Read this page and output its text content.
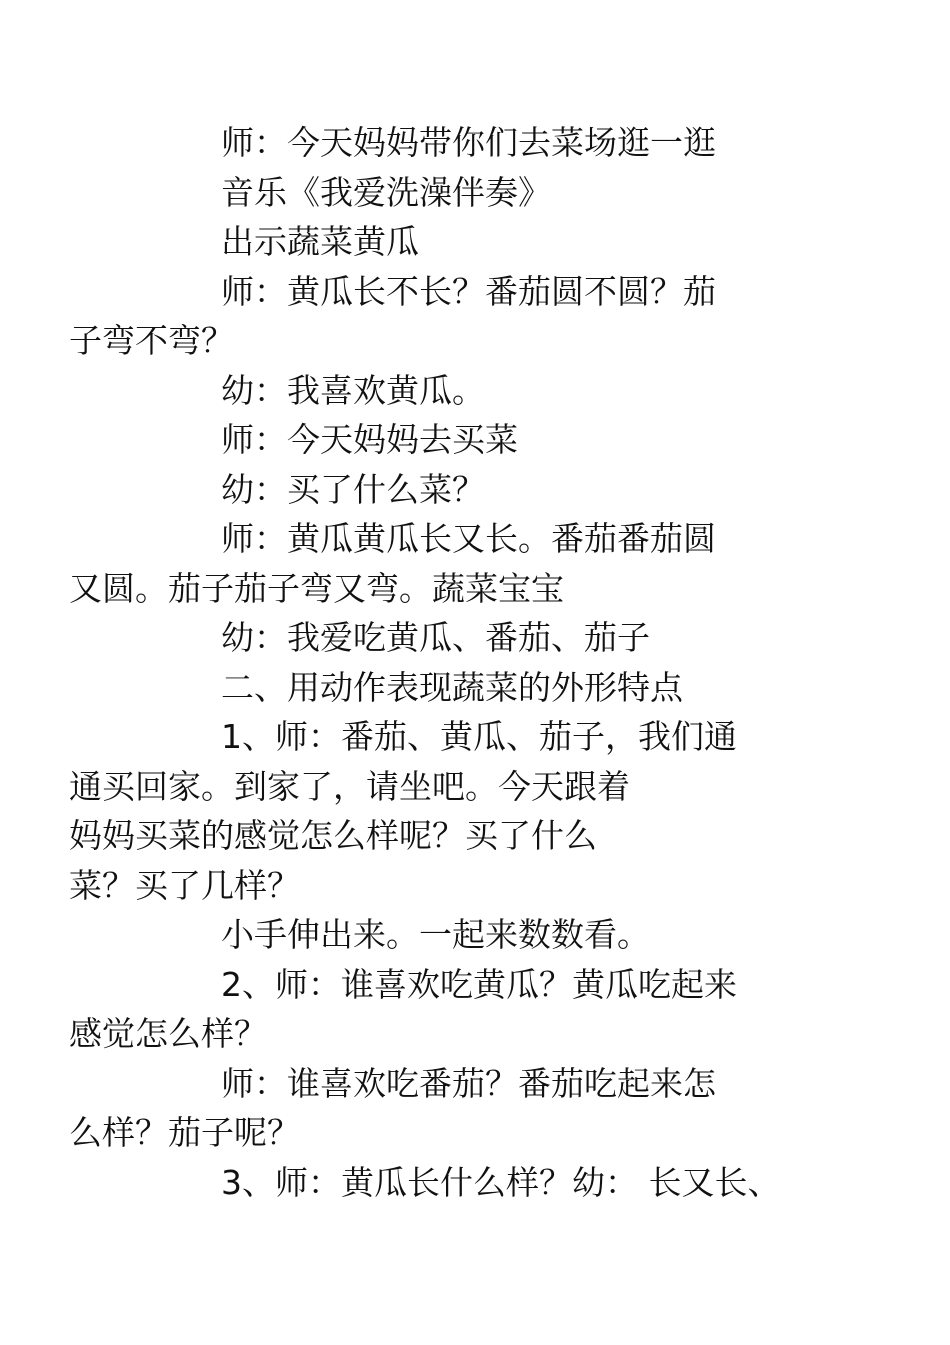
师：今天妈妈带你们去菜场逛一逛

音乐《我爱洗澡伴奏》

出示蔬菜黄瓜

师：黄瓜长不长？番茄圆不圆？茄
子弯不弯？

幼：我喜欢黄瓜。

师：今天妈妈去买菜

幼：买了什么菜？

师：黄瓜黄瓜长又长。番茄番茄圆
又圆。茄子茄子弯又弯。蔬菜宝宝

幼：我爱吃黄瓜、番茄、茄子

二、用动作表现蔬菜的外形特点

1、师：番茄、黄瓜、茄子，我们通
通买回家。到家了，请坐吧。今天跟着
妈妈买菜的感觉怎么样呢？买了什么
菜？买了几样？

小手伸出来。一起来数数看。

2、师：谁喜欢吃黄瓜？黄瓜吃起来
感觉怎么样？

师：谁喜欢吃番茄？番茄吃起来怎
么样？茄子呢？

3、师：黄瓜长什么样？幼： 长又长、
